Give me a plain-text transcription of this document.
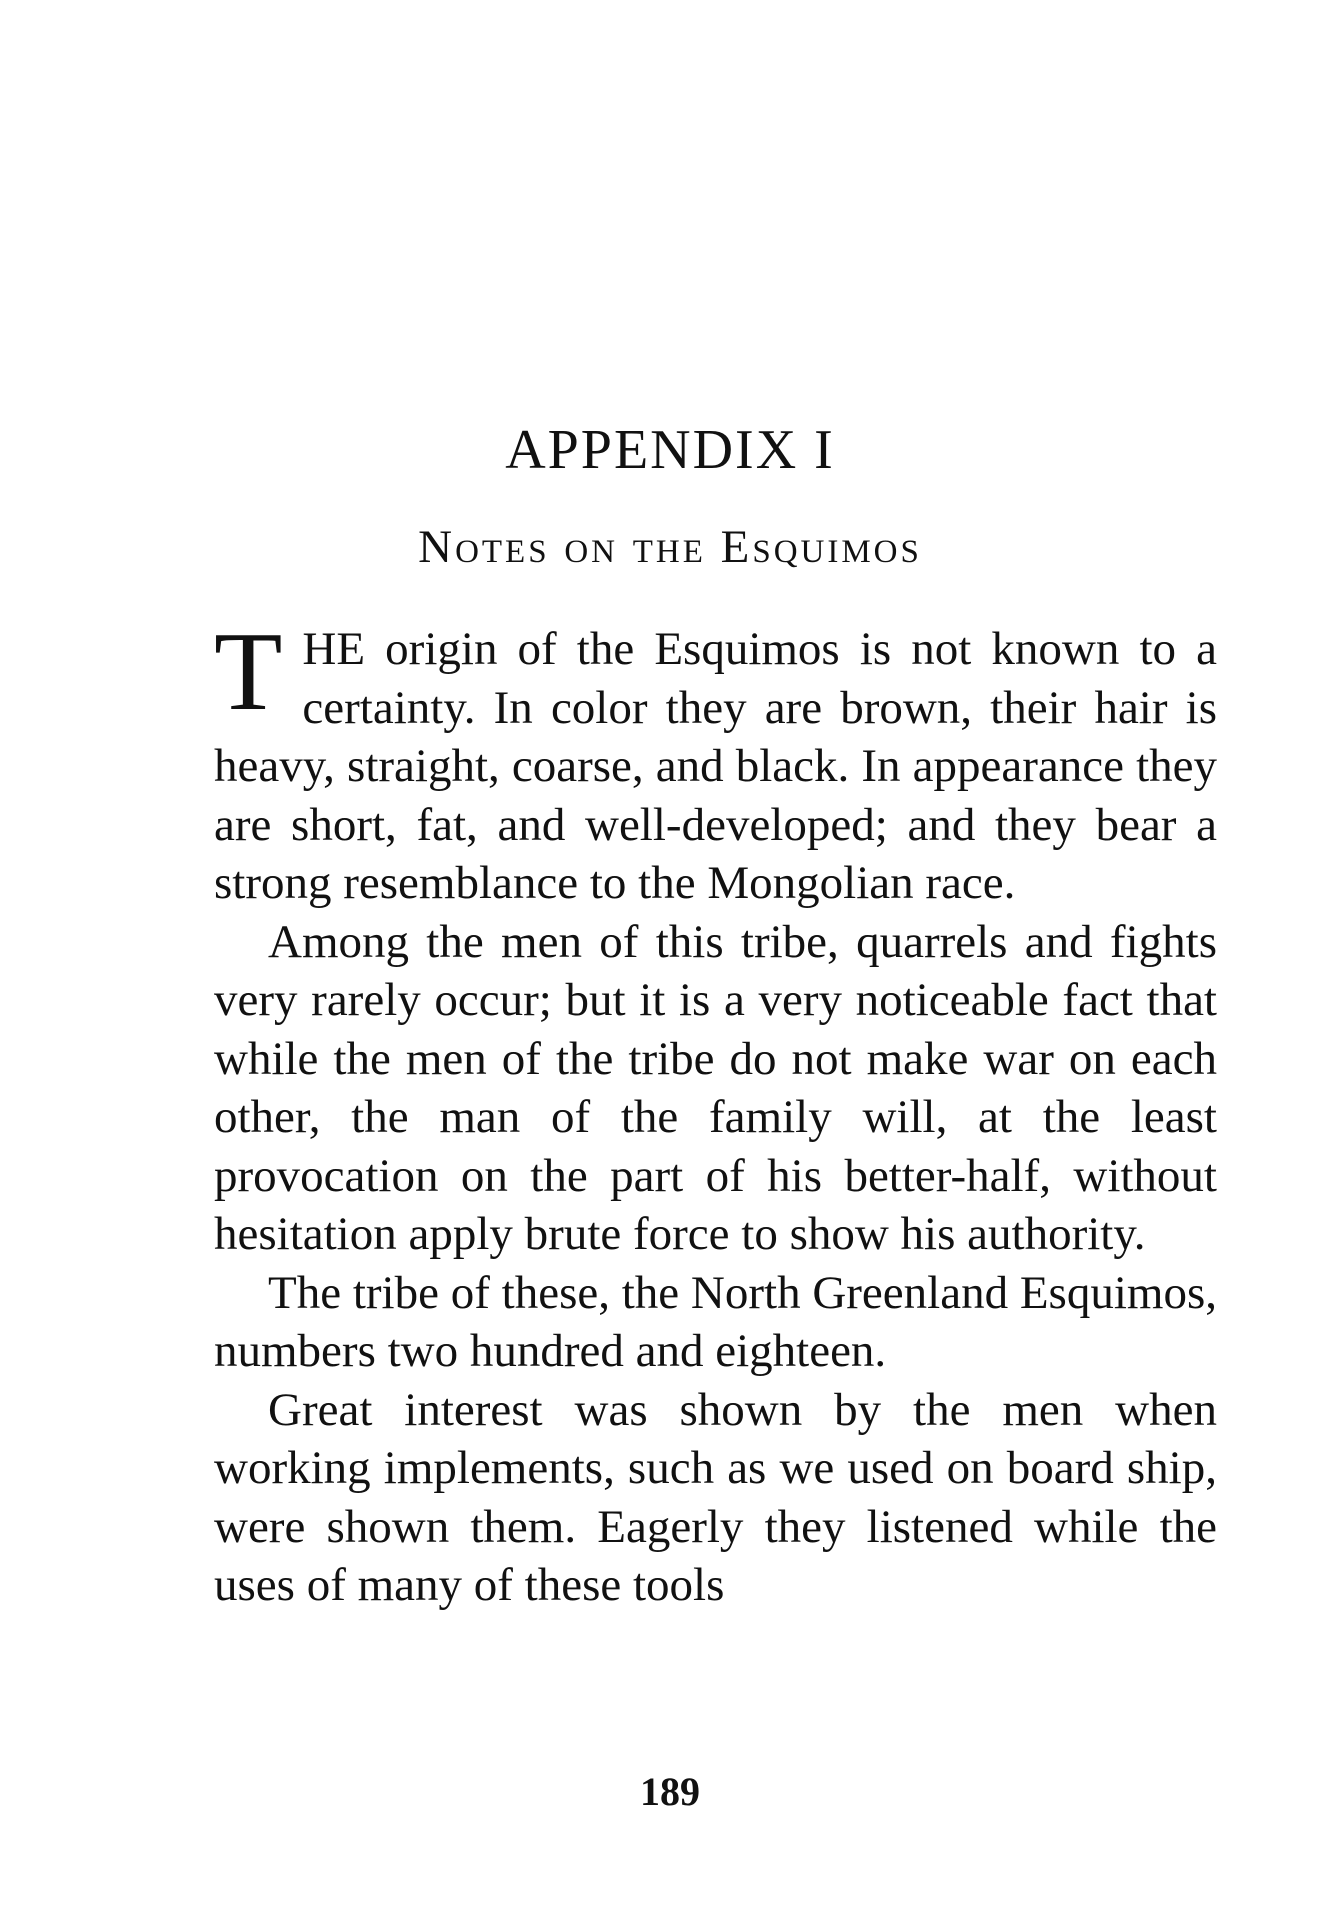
APPENDIX I
Notes on the Esquimos

THE origin of the Esquimos is not known to a certainty. In color they are brown, their hair is heavy, straight, coarse, and black. In appearance they are short, fat, and well-developed; and they bear a strong resemblance to the Mongolian race.

Among the men of this tribe, quarrels and fights very rarely occur; but it is a very noticeable fact that while the men of the tribe do not make war on each other, the man of the family will, at the least provocation on the part of his better-half, without hesitation apply brute force to show his authority.

The tribe of these, the North Greenland Esquimos, numbers two hundred and eighteen.

Great interest was shown by the men when working implements, such as we used on board ship, were shown them. Eagerly they listened while the uses of many of these tools

189
